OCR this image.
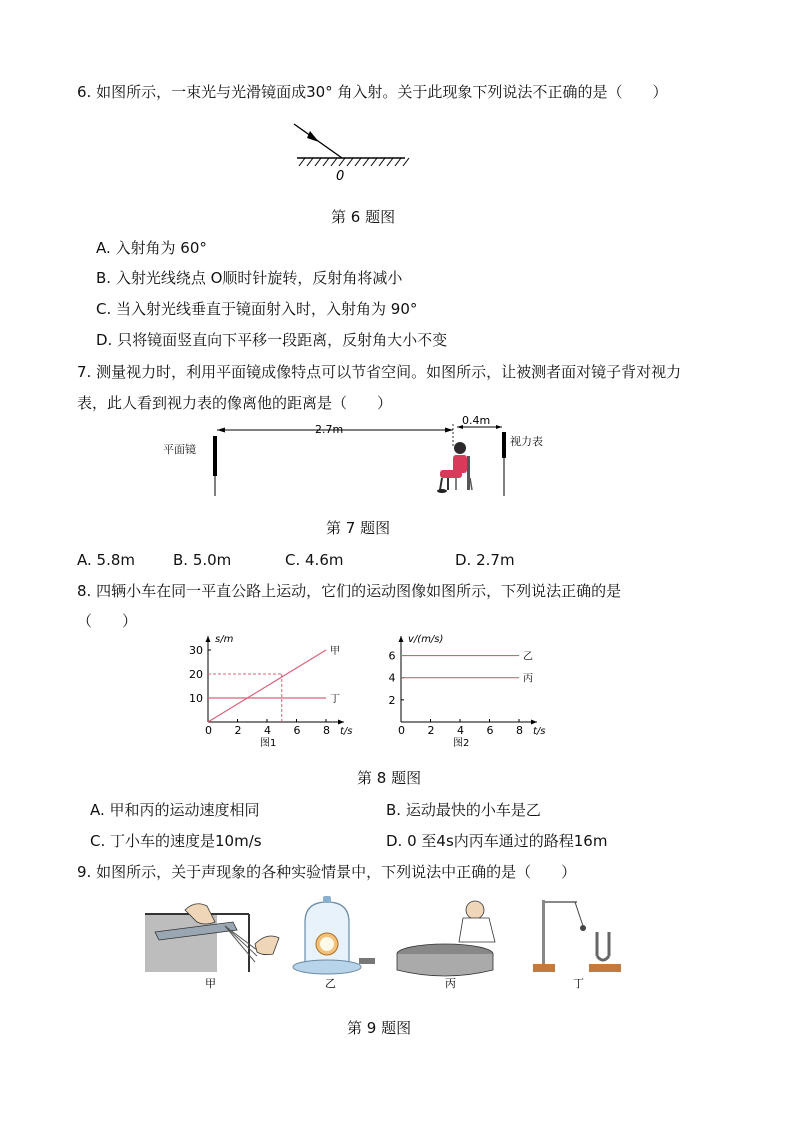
6. 如图所示，一束光与光滑镜面成30° 角入射。关于此现象下列说法不正确的是（　　）
0
第 6 题图
A. 入射角为 60°
B. 入射光线绕点 O顺时针旋转，反射角将减小
C. 当入射光线垂直于镜面射入时，入射角为 90°
D. 只将镜面竖直向下平移一段距离，反射角大小不变
7. 测量视力时，利用平面镜成像特点可以节省空间。如图所示，让被测者面对镜子背对视力
表，此人看到视力表的像离他的距离是（　　）
2.7m
0.4m
平面镜
视力表
第 7 题图
A. 5.8m	B. 5.0m	C. 4.6m	D. 2.7m
8. 四辆小车在同一平直公路上运动，它们的运动图像如图所示，下列说法正确的是
（　　）
0 2 4 6 8
10
20
30
s/m
t/s
图1
甲
丁
0 2 4 6 8
2
4
6
v/(m/s)
t/s
图2
乙
丙
第 8 题图
A. 甲和丙的运动速度相同	B. 运动最快的小车是乙
C. 丁小车的速度是10m/s	D. 0 至4s内丙车通过的路程16m
9. 如图所示，关于声现象的各种实验情景中，下列说法中正确的是（　　）
甲	乙	丙	丁
第 9 题图
